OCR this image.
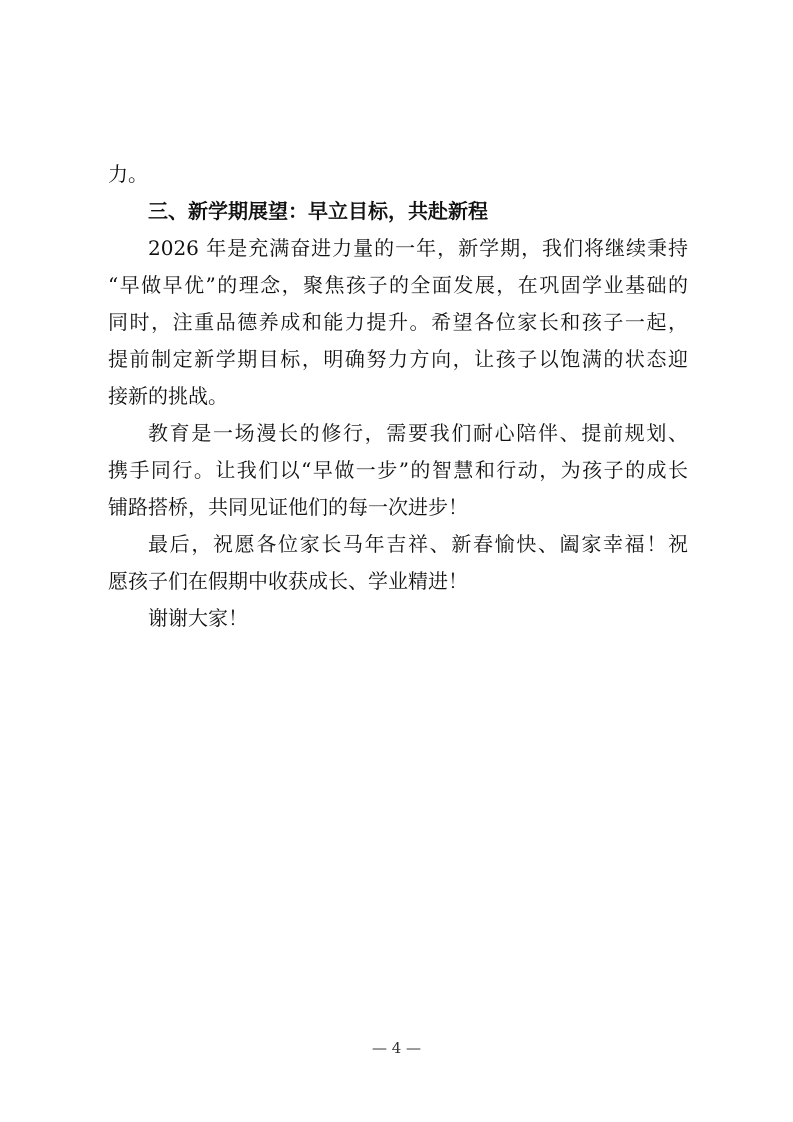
力。
三、新学期展望：早立目标，共赴新程
2026 年是充满奋进力量的一年，新学期，我们将继续秉持
“早做早优”的理念，聚焦孩子的全面发展，在巩固学业基础的
同时，注重品德养成和能力提升。希望各位家长和孩子一起，
提前制定新学期目标，明确努力方向，让孩子以饱满的状态迎
接新的挑战。
教育是一场漫长的修行，需要我们耐心陪伴、提前规划、
携手同行。让我们以“早做一步”的智慧和行动，为孩子的成长
铺路搭桥，共同见证他们的每一次进步！
最后，祝愿各位家长马年吉祥、新春愉快、阖家幸福！祝
愿孩子们在假期中收获成长、学业精进！
谢谢大家！
— 4 —
